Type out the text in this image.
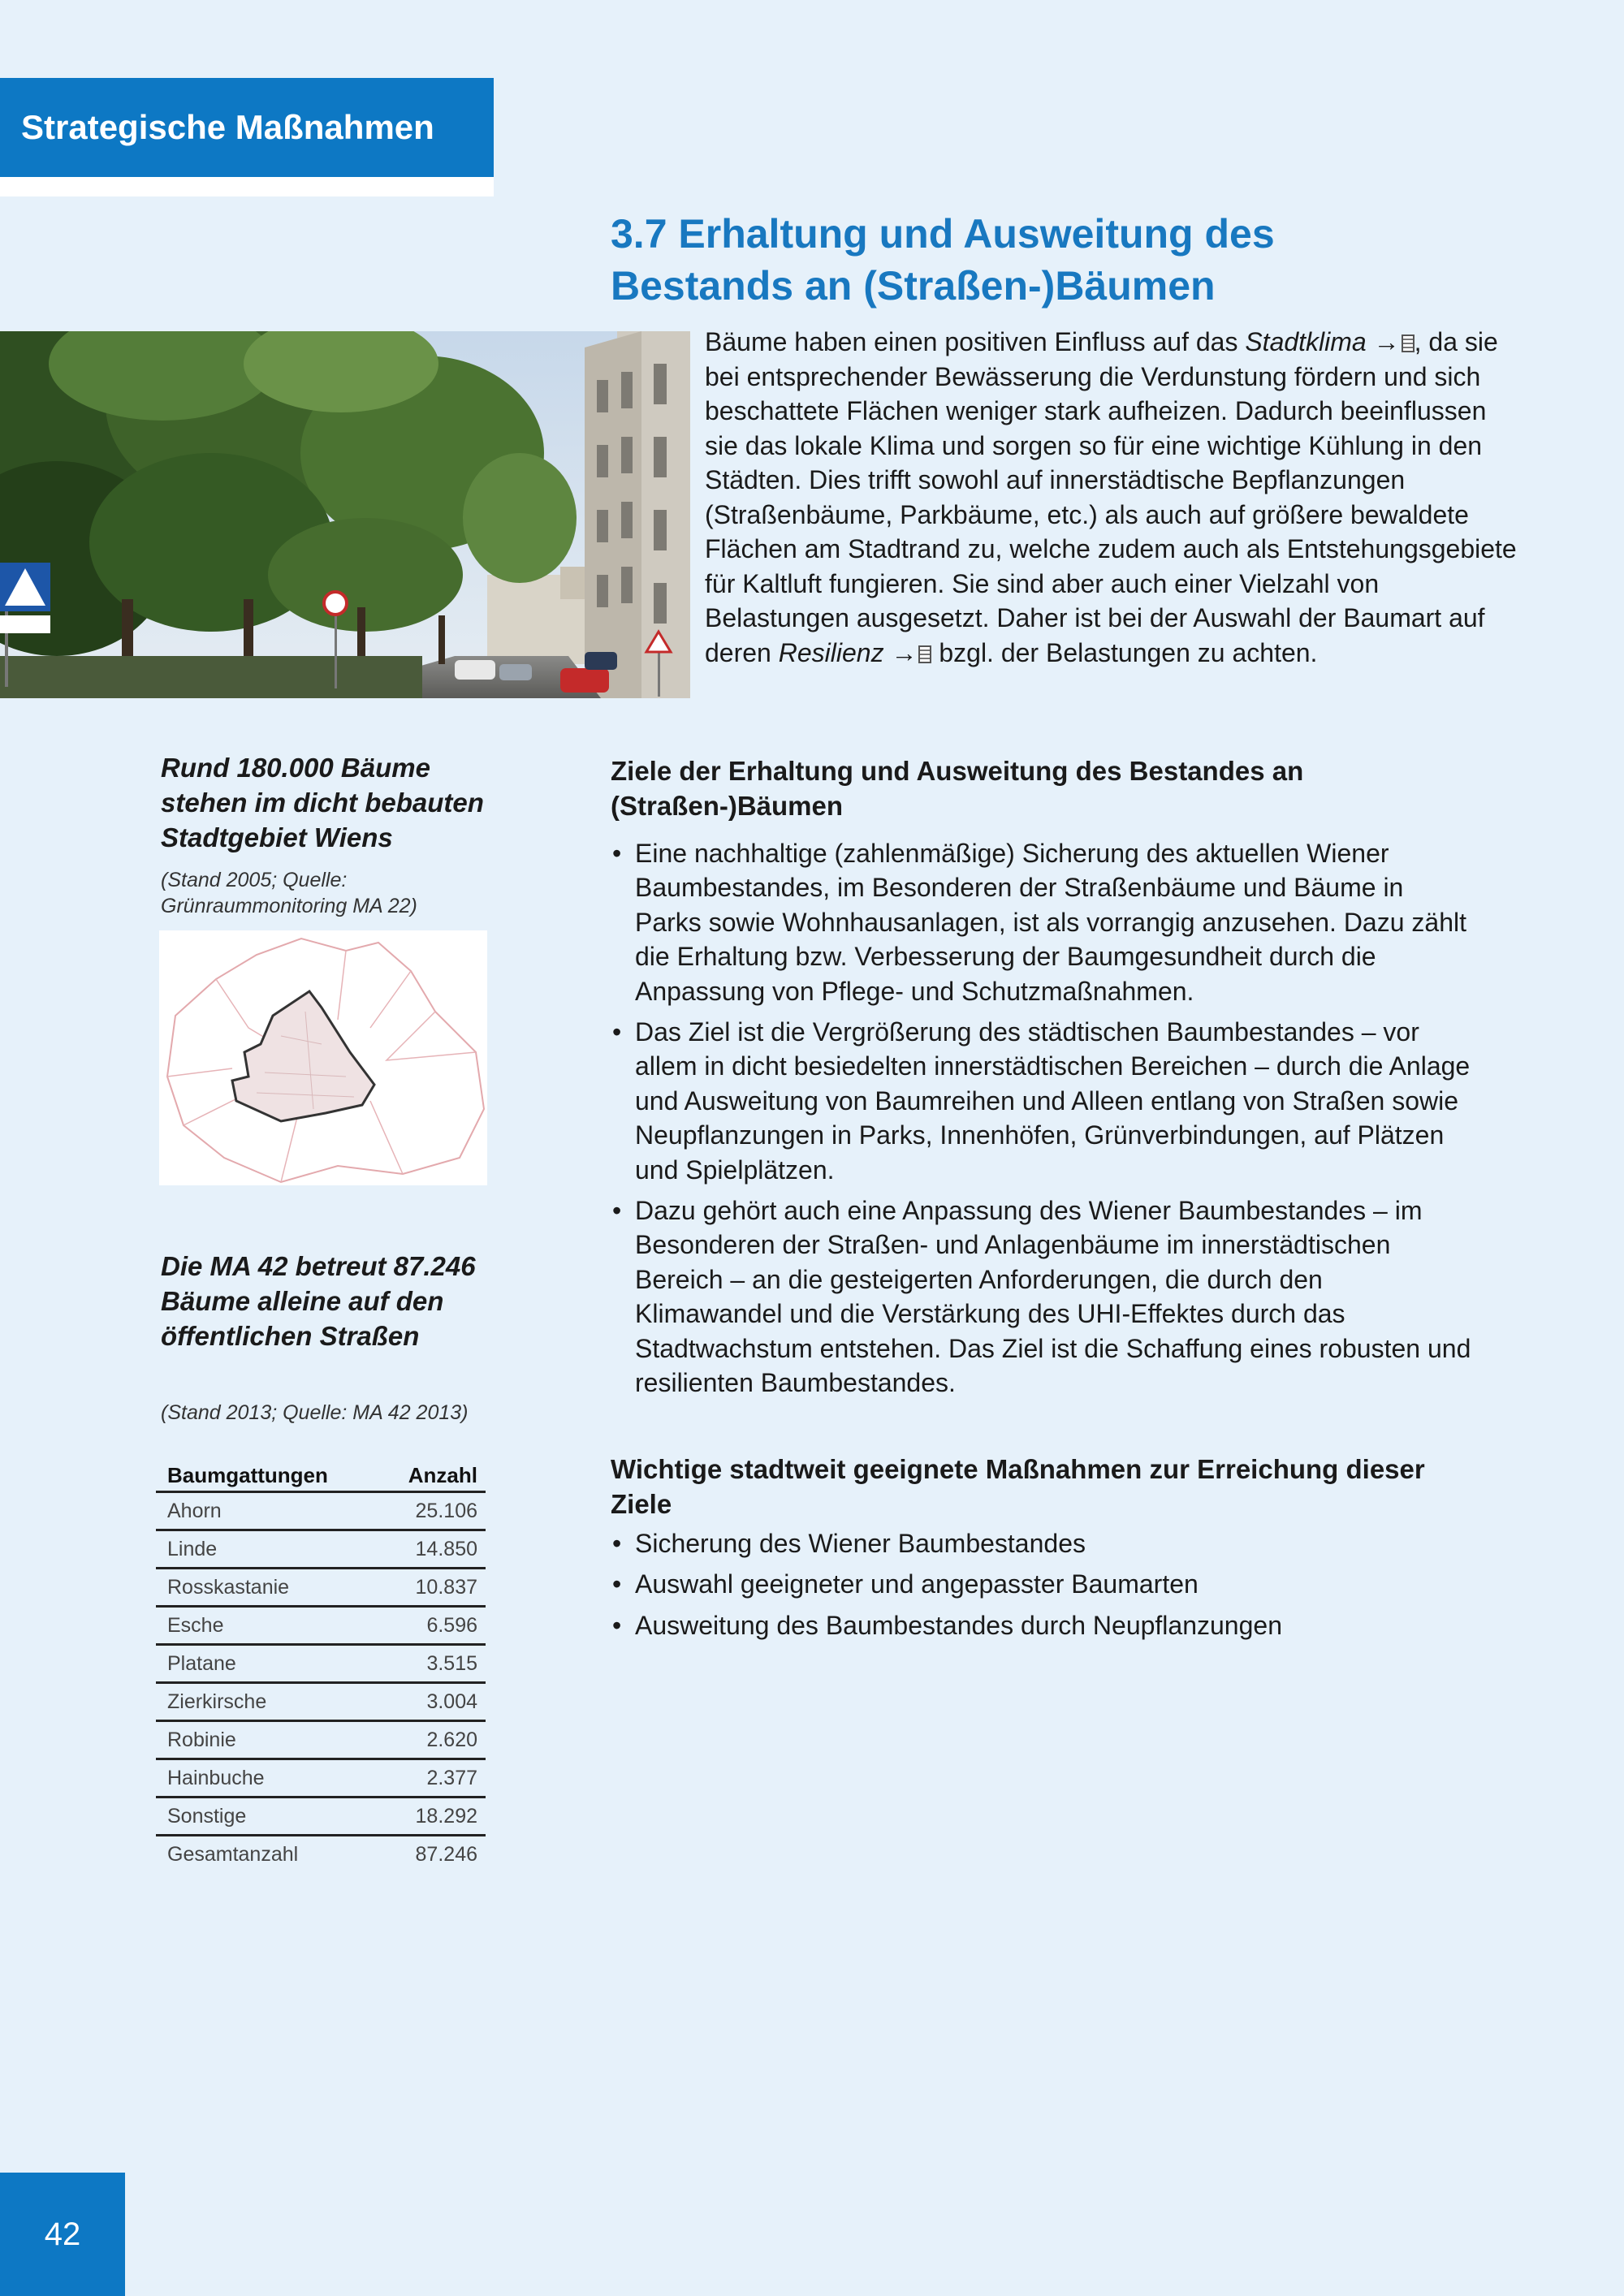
Strategische Maßnahmen
3.7 Erhaltung und Ausweitung des
Bestands an (Straßen-)Bäumen

Bäume haben einen positiven Einfluss auf das Stadtklima → , da sie bei entsprechender Bewässerung die Verdunstung fördern und sich beschattete Flächen weniger stark aufheizen. Dadurch beeinflussen sie das lokale Klima und sorgen so für eine wichtige Kühlung in den Städten. Dies trifft sowohl auf innerstädtische Bepflanzungen (Straßenbäume, Parkbäume, etc.) als auch auf größere bewaldete Flächen am Stadtrand zu, welche zudem auch als Entstehungsgebiete für Kaltluft fungieren. Sie sind aber auch einer Vielzahl von Belastungen ausgesetzt. Daher ist bei der Auswahl der Baumart auf deren Resilienz → bzgl. der Belastungen zu achten.

Rund 180.000 Bäume stehen im dicht bebauten Stadtgebiet Wiens

(Stand 2005; Quelle: Grünraummonitoring MA 22)

Die MA 42 betreut 87.246 Bäume alleine auf den öffentlichen Straßen

(Stand 2013; Quelle: MA 42 2013)

Baumgattungen	Anzahl
Ahorn	25.106
Linde	14.850
Rosskastanie	10.837
Esche	6.596
Platane	3.515
Zierkirsche	3.004
Robinie	2.620
Hainbuche	2.377
Sonstige	18.292
Gesamtanzahl	87.246

Ziele der Erhaltung und Ausweitung des Bestandes an (Straßen-)Bäumen

• Eine nachhaltige (zahlenmäßige) Sicherung des aktuellen Wiener Baumbestandes, im Besonderen der Straßenbäume und Bäume in Parks sowie Wohnhausanlagen, ist als vorrangig anzusehen. Dazu zählt die Erhaltung bzw. Verbesserung der Baumgesundheit durch die Anpassung von Pflege- und Schutzmaßnahmen.
• Das Ziel ist die Vergrößerung des städtischen Baumbestandes – vor allem in dicht besiedelten innerstädtischen Bereichen – durch die Anlage und Ausweitung von Baumreihen und Alleen entlang von Straßen sowie Neupflanzungen in Parks, Innenhöfen, Grünverbindungen, auf Plätzen und Spielplätzen.
• Dazu gehört auch eine Anpassung des Wiener Baumbestandes – im Besonderen der Straßen- und Anlagenbäume im innerstädtischen Bereich – an die gesteigerten Anforderungen, die durch den Klimawandel und die Verstärkung des UHI-Effektes durch das Stadtwachstum entstehen. Das Ziel ist die Schaffung eines robusten und resilienten Baumbestandes.

Wichtige stadtweit geeignete Maßnahmen zur Erreichung dieser Ziele

• Sicherung des Wiener Baumbestandes
• Auswahl geeigneter und angepasster Baumarten
• Ausweitung des Baumbestandes durch Neupflanzungen
42
